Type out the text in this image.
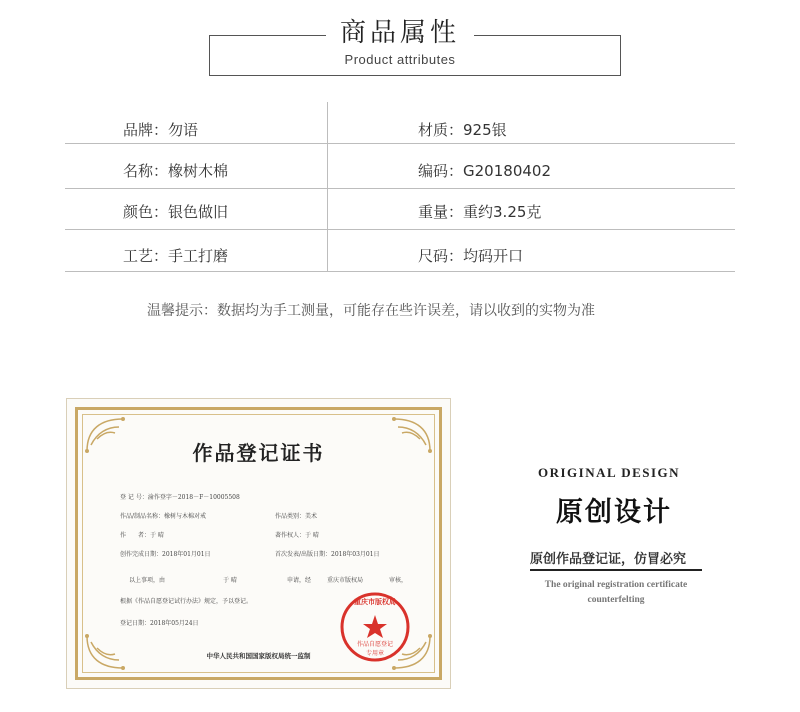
商品属性
Product attributes
品牌：勿语	材质：925银
名称：橡树木棉	编码：G20180402
颜色：银色做旧	重量：重约3.25克
工艺：手工打磨	尺码：均码开口
温馨提示：数据均为手工测量，可能存在些许误差，请以收到的实物为准
作品登记证书
登 记 号：渝作登字－2018－F－10005508
作品/制品名称：橡树与木棉对戒	作品类别：美术
作　　者：于 晴	著作权人：于 晴
创作完成日期：2018年01月01日	首次发表/出版日期：2018年03月01日
以上事项，由	于 晴	申请，经	重庆市版权局	审核，
根据《作品自愿登记试行办法》规定，予以登记。
登记日期：2018年05月24日
重庆市版权局
作品自愿登记
专用章
中华人民共和国国家版权局统一监制
ORIGINAL DESIGN
原创设计
原创作品登记证，仿冒必究
The original registration certificate
counterfelting
